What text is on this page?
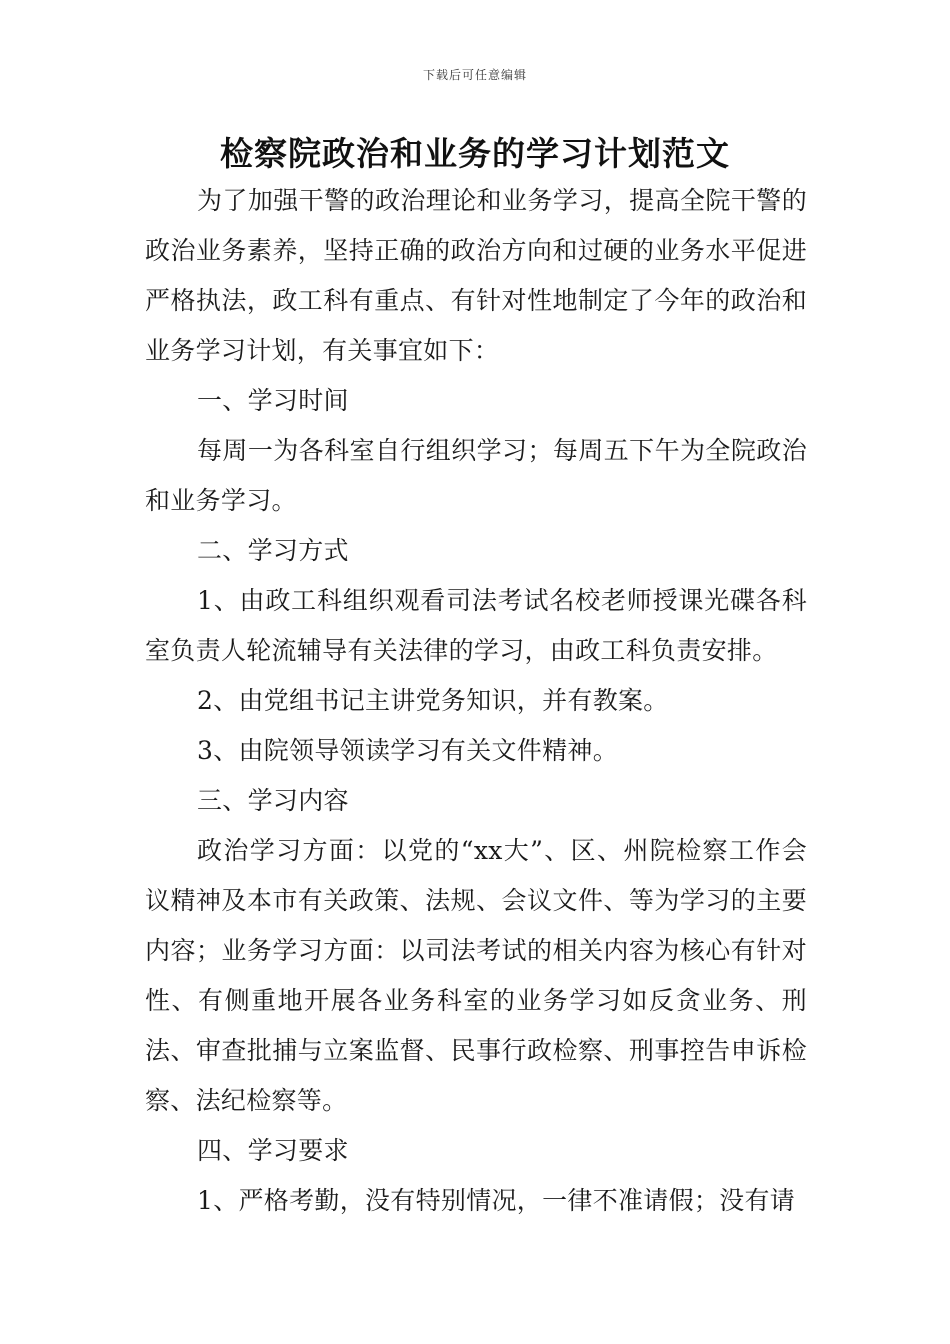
下载后可任意编辑
检察院政治和业务的学习计划范文

为了加强干警的政治理论和业务学习，提高全院干警的政治业务素养，坚持正确的政治方向和过硬的业务水平促进严格执法，政工科有重点、有针对性地制定了今年的政治和业务学习计划，有关事宜如下：

一、学习时间

每周一为各科室自行组织学习；每周五下午为全院政治和业务学习。

二、学习方式

1、由政工科组织观看司法考试名校老师授课光碟各科室负责人轮流辅导有关法律的学习，由政工科负责安排。

2、由党组书记主讲党务知识，并有教案。

3、由院领导领读学习有关文件精神。

三、学习内容

政治学习方面：以党的“xx大”、区、州院检察工作会议精神及本市有关政策、法规、会议文件、等为学习的主要内容；业务学习方面：以司法考试的相关内容为核心有针对性、有侧重地开展各业务科室的业务学习如反贪业务、刑法、审查批捕与立案监督、民事行政检察、刑事控告申诉检察、法纪检察等。

四、学习要求

1、严格考勤，没有特别情况，一律不准请假；没有请
